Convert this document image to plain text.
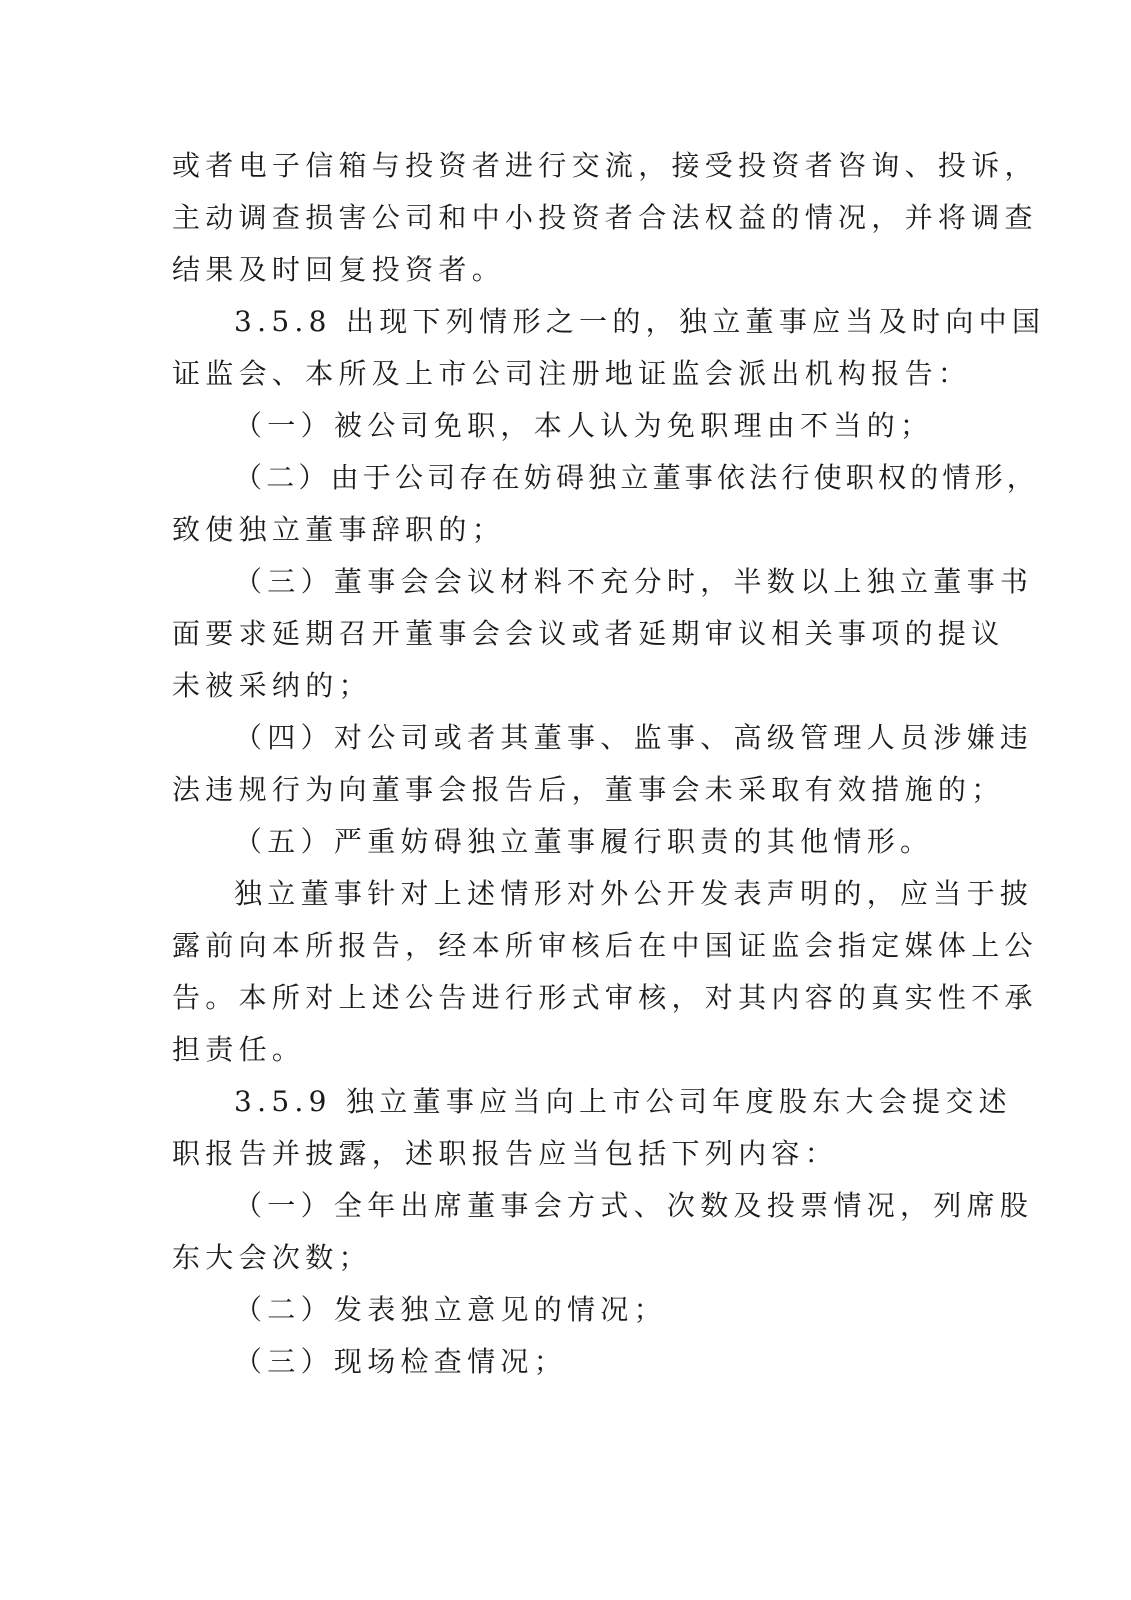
或者电子信箱与投资者进行交流，接受投资者咨询、投诉，
主动调查损害公司和中小投资者合法权益的情况，并将调查
结果及时回复投资者。
3.5.8 出现下列情形之一的，独立董事应当及时向中国
证监会、本所及上市公司注册地证监会派出机构报告：
（一）被公司免职，本人认为免职理由不当的；
（二）由于公司存在妨碍独立董事依法行使职权的情形，
致使独立董事辞职的；
（三）董事会会议材料不充分时，半数以上独立董事书
面要求延期召开董事会会议或者延期审议相关事项的提议
未被采纳的；
（四）对公司或者其董事、监事、高级管理人员涉嫌违
法违规行为向董事会报告后，董事会未采取有效措施的；
（五）严重妨碍独立董事履行职责的其他情形。
独立董事针对上述情形对外公开发表声明的，应当于披
露前向本所报告，经本所审核后在中国证监会指定媒体上公
告。本所对上述公告进行形式审核，对其内容的真实性不承
担责任。
3.5.9 独立董事应当向上市公司年度股东大会提交述
职报告并披露，述职报告应当包括下列内容：
（一）全年出席董事会方式、次数及投票情况，列席股
东大会次数；
（二）发表独立意见的情况；
（三）现场检查情况；
